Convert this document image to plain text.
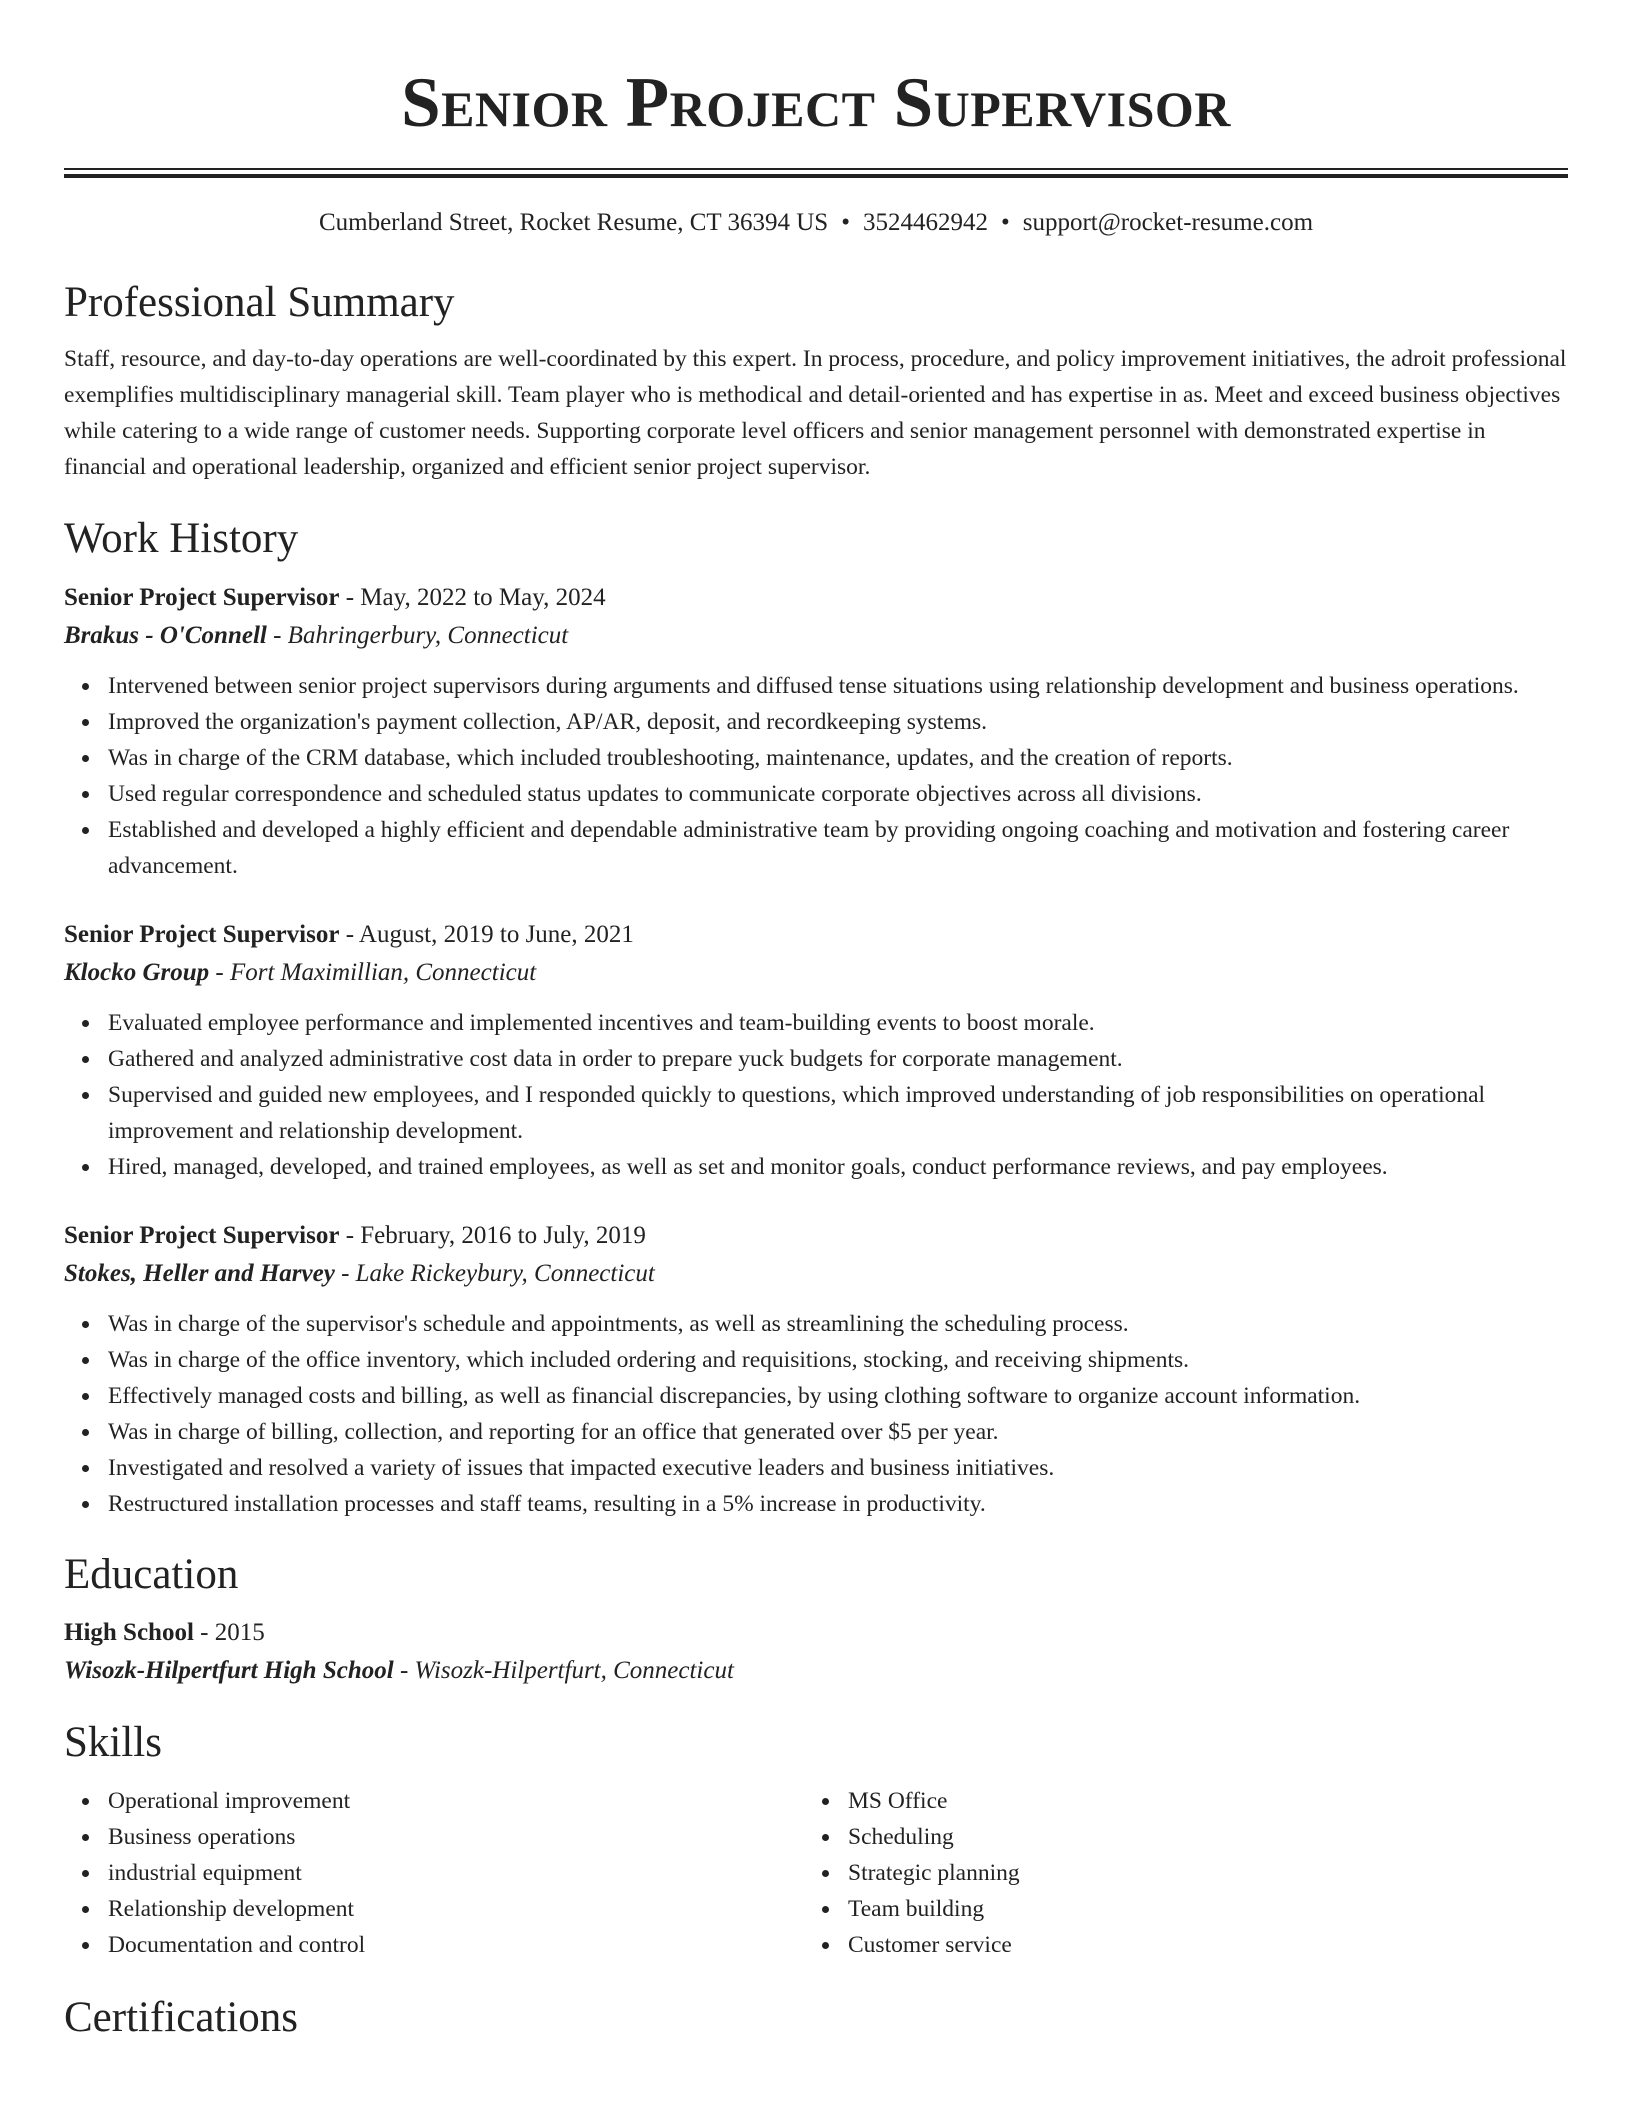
Senior Project Supervisor
Cumberland Street, Rocket Resume, CT 36394 US • 3524462942 • support@rocket-resume.com
Professional Summary

Staff, resource, and day-to-day operations are well-coordinated by this expert. In process, procedure, and policy improvement initiatives, the adroit professional exemplifies multidisciplinary managerial skill. Team player who is methodical and detail-oriented and has expertise in as. Meet and exceed business objectives while catering to a wide range of customer needs. Supporting corporate level officers and senior management personnel with demonstrated expertise in financial and operational leadership, organized and efficient senior project supervisor.

Work History
Senior Project Supervisor - May, 2022 to May, 2024
Brakus - O'Connell - Bahringerbury, Connecticut
Intervened between senior project supervisors during arguments and diffused tense situations using relationship development and business operations.
Improved the organization's payment collection, AP/AR, deposit, and recordkeeping systems.
Was in charge of the CRM database, which included troubleshooting, maintenance, updates, and the creation of reports.
Used regular correspondence and scheduled status updates to communicate corporate objectives across all divisions.
Established and developed a highly efficient and dependable administrative team by providing ongoing coaching and motivation and fostering career advancement.
Senior Project Supervisor - August, 2019 to June, 2021
Klocko Group - Fort Maximillian, Connecticut
Evaluated employee performance and implemented incentives and team-building events to boost morale.
Gathered and analyzed administrative cost data in order to prepare yuck budgets for corporate management.
Supervised and guided new employees, and I responded quickly to questions, which improved understanding of job responsibilities on operational improvement and relationship development.
Hired, managed, developed, and trained employees, as well as set and monitor goals, conduct performance reviews, and pay employees.
Senior Project Supervisor - February, 2016 to July, 2019
Stokes, Heller and Harvey - Lake Rickeybury, Connecticut
Was in charge of the supervisor's schedule and appointments, as well as streamlining the scheduling process.
Was in charge of the office inventory, which included ordering and requisitions, stocking, and receiving shipments.
Effectively managed costs and billing, as well as financial discrepancies, by using clothing software to organize account information.
Was in charge of billing, collection, and reporting for an office that generated over $5 per year.
Investigated and resolved a variety of issues that impacted executive leaders and business initiatives.
Restructured installation processes and staff teams, resulting in a 5% increase in productivity.
Education
High School - 2015
Wisozk-Hilpertfurt High School - Wisozk-Hilpertfurt, Connecticut
Skills
Operational improvement
Business operations
industrial equipment
Relationship development
Documentation and control
MS Office
Scheduling
Strategic planning
Team building
Customer service
Certifications
